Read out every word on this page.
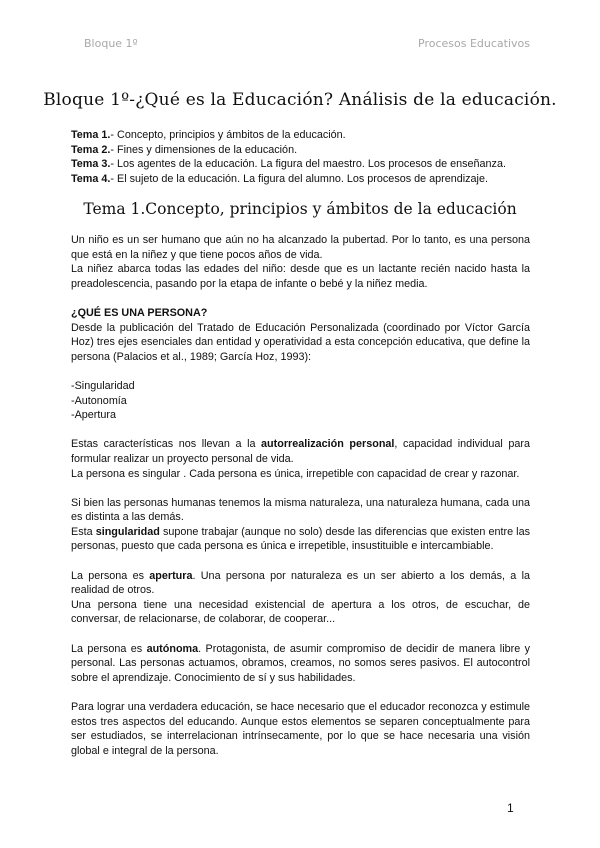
Bloque 1º	Procesos Educativos
Bloque 1º-¿Qué es la Educación? Análisis de la educación.
Tema 1.- Concepto, principios y ámbitos de la educación.
Tema 2.- Fines y dimensiones de la educación.
Tema 3.- Los agentes de la educación. La figura del maestro. Los procesos de enseñanza.
Tema 4.- El sujeto de la educación. La figura del alumno. Los procesos de aprendizaje.
Tema 1.Concepto, principios y ámbitos de la educación

Un niño es un ser humano que aún no ha alcanzado la pubertad. Por lo tanto, es una persona que está en la niñez y que tiene pocos años de vida.

La niñez abarca todas las edades del niño: desde que es un lactante recién nacido hasta la preadolescencia, pasando por la etapa de infante o bebé y la niñez media.

¿QUÉ ES UNA PERSONA?

Desde la publicación del Tratado de Educación Personalizada (coordinado por Víctor García Hoz) tres ejes esenciales dan entidad y operatividad a esta concepción educativa, que define la persona (Palacios et al., 1989; García Hoz, 1993):

-Singularidad

-Autonomía

-Apertura

Estas características nos llevan a la autorrealización personal, capacidad individual para formular realizar un proyecto personal de vida.

La persona es singular . Cada persona es única, irrepetible con capacidad de crear y razonar.

Si bien las personas humanas tenemos la misma naturaleza, una naturaleza humana, cada una es distinta a las demás.

Esta singularidad supone trabajar (aunque no solo) desde las diferencias que existen entre las personas, puesto que cada persona es única e irrepetible, insustituible e intercambiable.

La persona es apertura. Una persona por naturaleza es un ser abierto a los demás, a la realidad de otros.

Una persona tiene una necesidad existencial de apertura a los otros, de escuchar, de conversar, de relacionarse, de colaborar, de cooperar...

La persona es autónoma. Protagonista, de asumir compromiso de decidir de manera libre y personal. Las personas actuamos, obramos, creamos, no somos seres pasivos. El autocontrol sobre el aprendizaje. Conocimiento de sí y sus habilidades.

Para lograr una verdadera educación, se hace necesario que el educador reconozca y estimule estos tres aspectos del educando. Aunque estos elementos se separen conceptualmente para ser estudiados, se interrelacionan intrínsecamente, por lo que se hace necesaria una visión global e integral de la persona.

1
